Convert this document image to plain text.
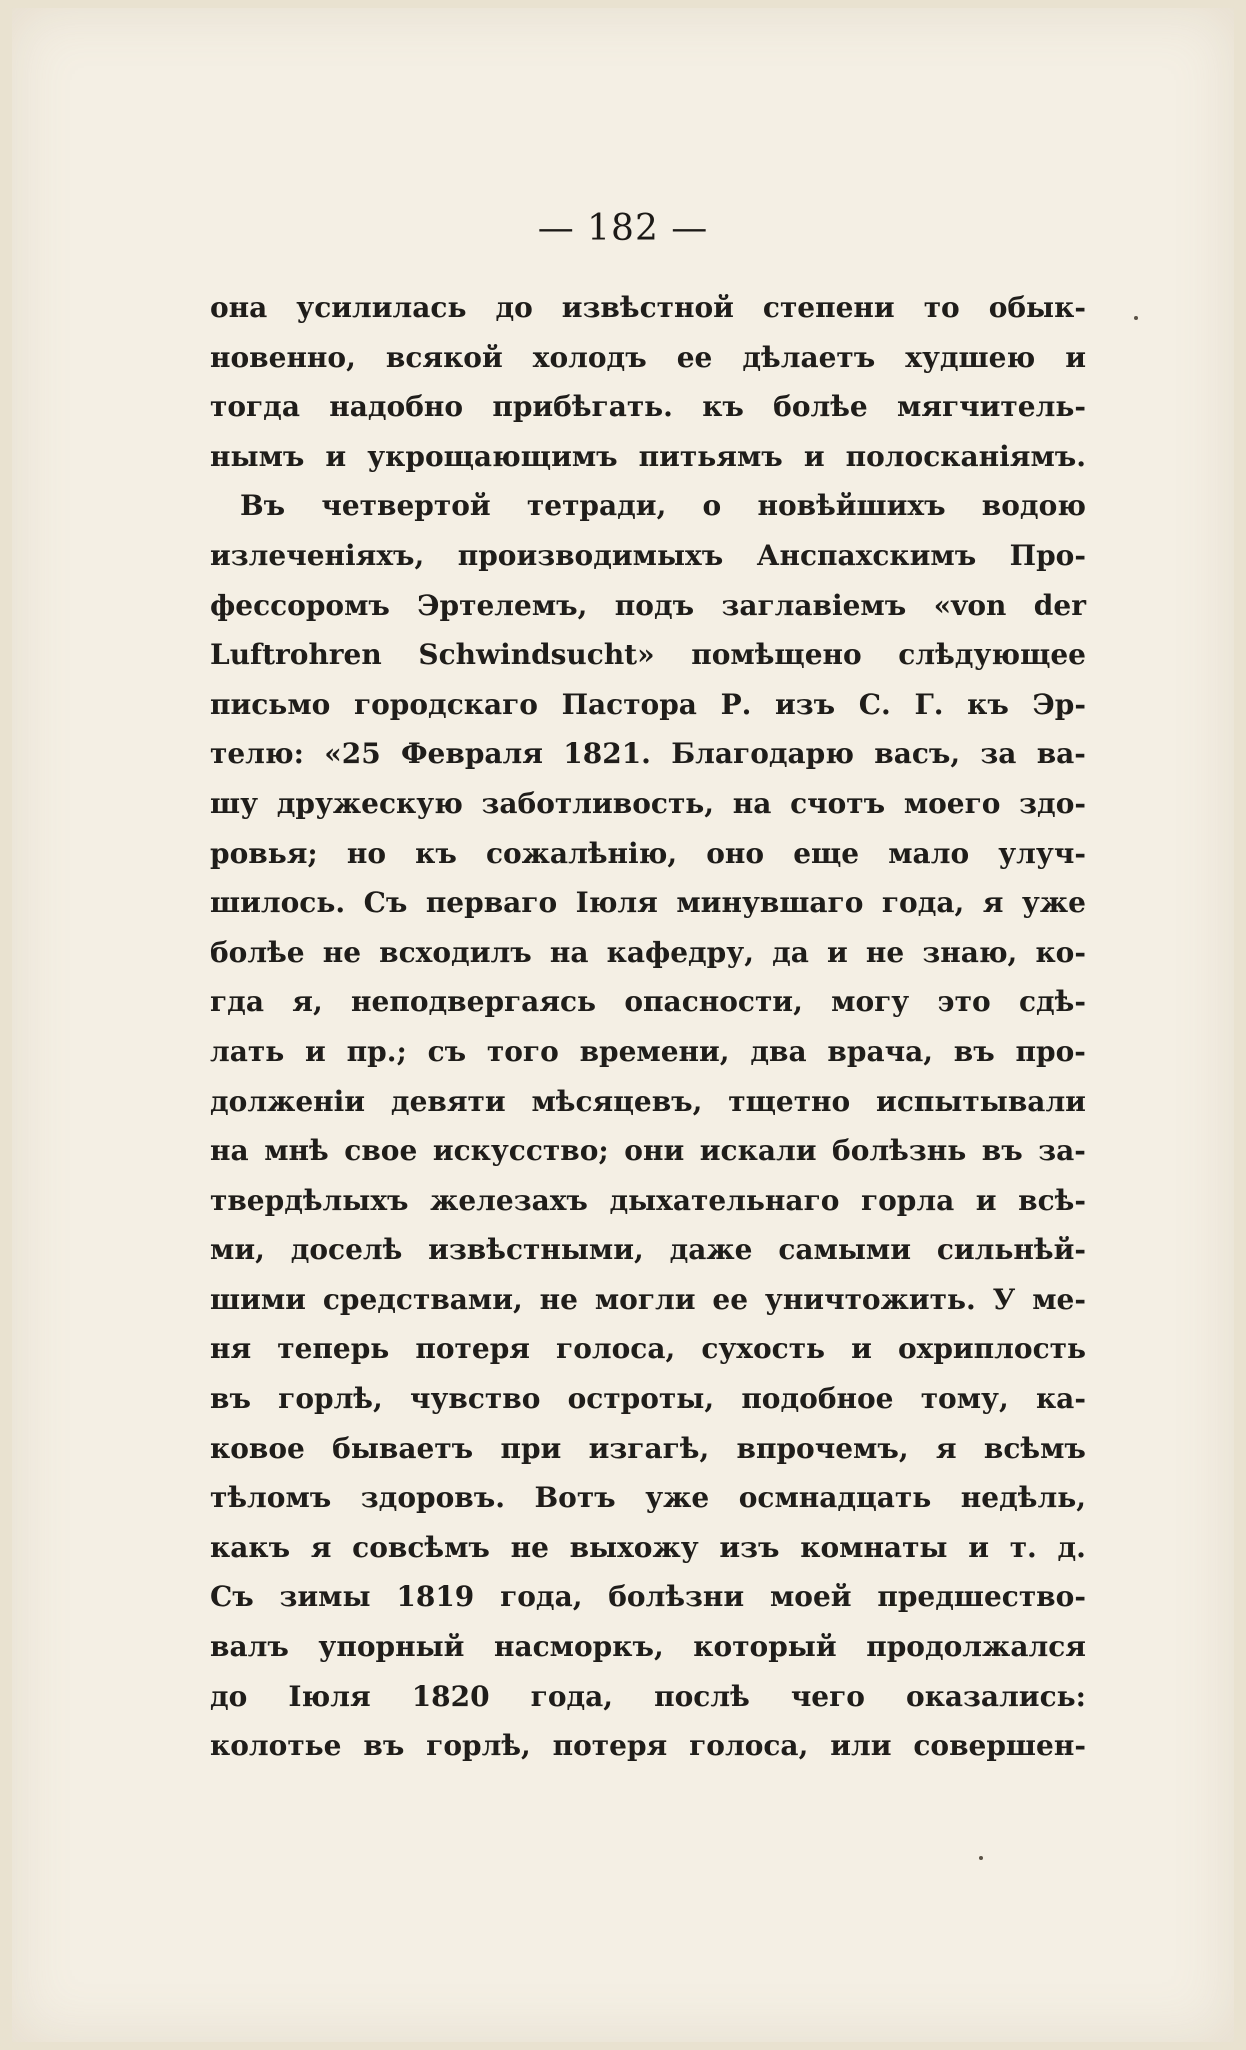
— 182 —
она усилилась до извѣстной степени то обык-
новенно, всякой холодъ ее дѣлаетъ худшею и
тогда надобно прибѣгать. къ болѣе мягчитель-
нымъ и укрощающимъ питьямъ и полосканіямъ.
Въ четвертой тетради, о новѣйшихъ водою
излеченіяхъ, производимыхъ Анспахскимъ Про-
фессоромъ Эртелемъ, подъ заглавіемъ «von der
Luftrohren Schwindsucht» помѣщено слѣдующее
письмо городскаго Пастора Р. изъ С. Г. къ Эр-
телю: «25 Февраля 1821. Благодарю васъ, за ва-
шу дружескую заботливость, на счотъ моего здо-
ровья; но къ сожалѣнію, оно еще мало улуч-
шилось. Съ перваго Іюля минувшаго года, я уже
болѣе не всходилъ на кафедру, да и не знаю, ко-
гда я, неподвергаясь опасности, могу это сдѣ-
лать и пр.; съ того времени, два врача, въ про-
долженіи девяти мѣсяцевъ, тщетно испытывали
на мнѣ свое искусство; они искали болѣзнь въ за-
твердѣлыхъ железахъ дыхательнаго горла и всѣ-
ми, доселѣ извѣстными, даже самыми сильнѣй-
шими средствами, не могли ее уничтожить. У ме-
ня теперь потеря голоса, сухость и охриплость
въ горлѣ, чувство остроты, подобное тому, ка-
ковое бываетъ при изгагѣ, впрочемъ, я всѣмъ
тѣломъ здоровъ. Вотъ уже осмнадцать недѣль,
какъ я совсѣмъ не выхожу изъ комнаты и т. д.
Съ зимы 1819 года, болѣзни моей предшество-
валъ упорный насморкъ, который продолжался
до Іюля 1820 года, послѣ чего оказались:
колотье въ горлѣ, потеря голоса, или совершен-
